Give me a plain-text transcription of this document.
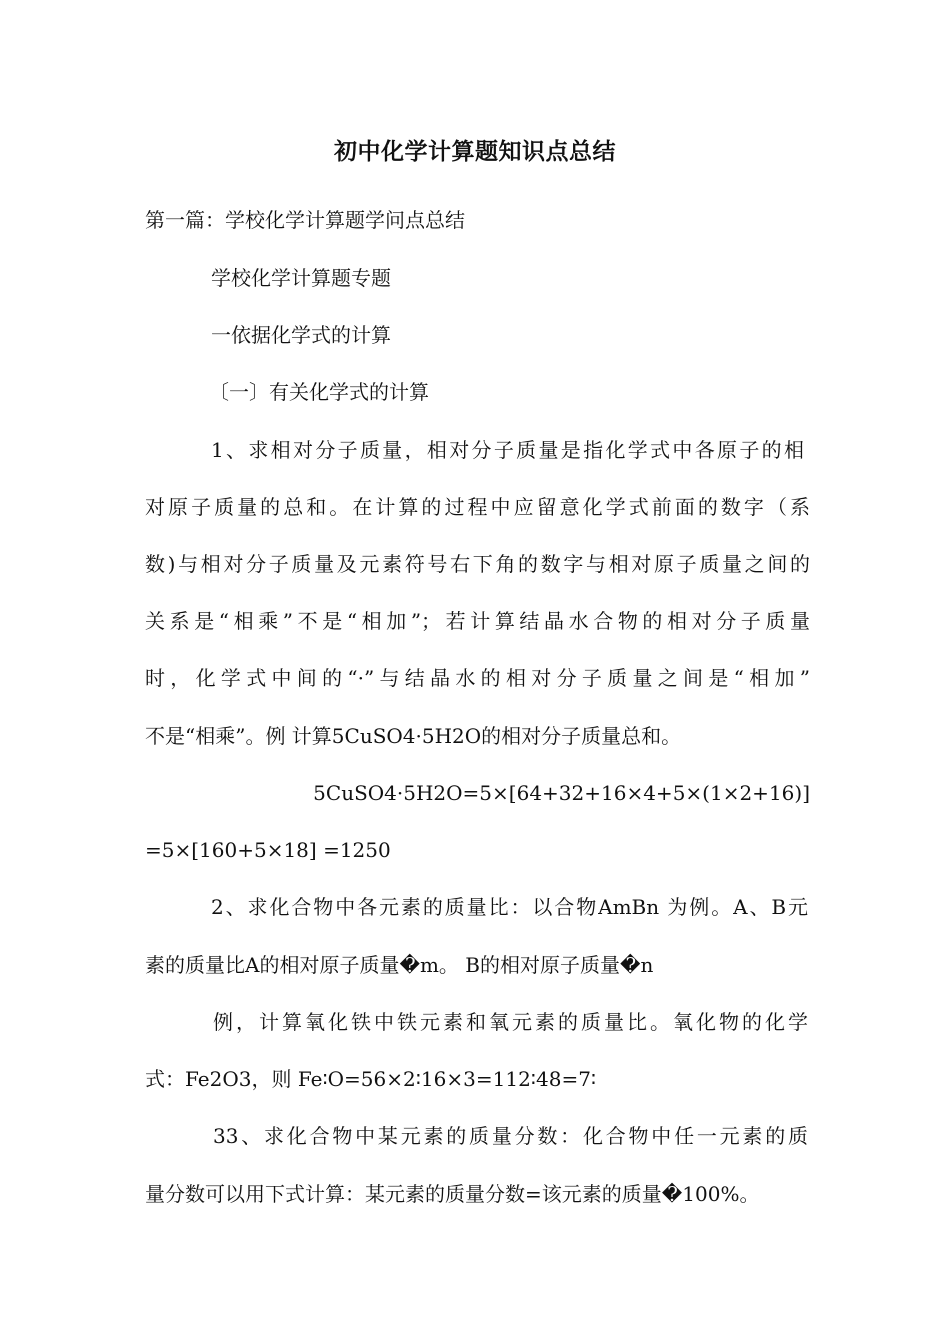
初中化学计算题知识点总结
第一篇：学校化学计算题学问点总结
学校化学计算题专题
一依据化学式的计算
〔一〕有关化学式的计算
1、求相对分子质量，相对分子质量是指化学式中各原子的相
对原子质量的总和。在计算的过程中应留意化学式前面的数字（系
数)与相对分子质量及元素符号右下角的数字与相对原子质量之间的
关系是“相乘”不是“相加”；若计算结晶水合物的相对分子质量
时，化学式中间的“·”与结晶水的相对分子质量之间是“相加”
不是“相乘”。例 计算5CuSO4·5H2O的相对分子质量总和。
5CuSO4·5H2O=5×[64+32+16×4+5×(1×2+16)]
=5×[160+5×18] =1250
2、求化合物中各元素的质量比：以合物AmBn 为例。A、B元
素的质量比A的相对原子质量�m。 B的相对原子质量�n
例，计算氧化铁中铁元素和氧元素的质量比。氧化物的化学
式：Fe2O3，则 Fe∶O=56×2∶16×3=112∶48=7∶
33、求化合物中某元素的质量分数：化合物中任一元素的质
量分数可以用下式计算：某元素的质量分数=该元素的质量�100%。
